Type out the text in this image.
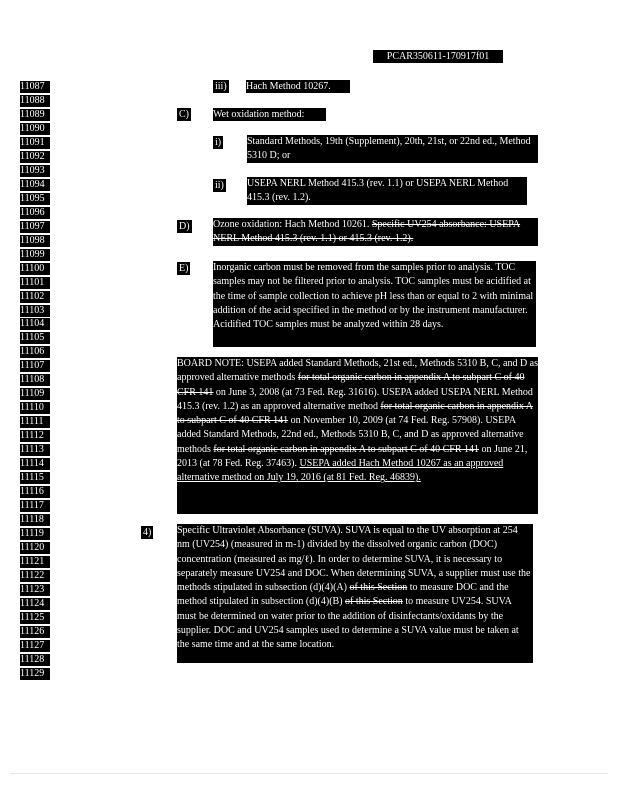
PCAR350611-170917f01
11087
11088
11089
11090
11091
11092
11093
11094
11095
11096
11097
11098
11099
11100
11101
11102
11103
11104
11105
11106
11107
11108
11109
11110
11111
11112
11113
11114
11115
11116
11117
11118
11119
11120
11121
11122
11123
11124
11125
11126
11127
11128
11129
iii) Hach Method 10267.
C) Wet oxidation method:
i)	Standard Methods, 19th (Supplement), 20th, 21st, or 22nd ed., Method 5310 D; or
ii) USEPA NERL Method 415.3 (rev. 1.1) or USEPA NERL Method 415.3 (rev. 1.2).
D) Ozone oxidation: Hach Method 10261. Specific UV254 absorbance: USEPA NERL Method 415.3 (rev. 1.1) or 415.3 (rev. 1.2).

E) Inorganic carbon must be removed from the samples prior to analysis. TOC samples may not be filtered prior to analysis. TOC samples must be acidified at the time of sample collection to achieve pH less than or equal to 2 with minimal addition of the acid specified in the method or by the instrument manufacturer. Acidified TOC samples must be analyzed within 28 days.

BOARD NOTE: USEPA added Standard Methods, 21st ed., Methods 5310 B, C, and D as approved alternative methods for total organic carbon in appendix A to subpart C of 40 CFR 141 on June 3, 2008 (at 73 Fed. Reg. 31616). USEPA added USEPA NERL Method 415.3 (rev. 1.2) as an approved alternative method for total organic carbon in appendix A to subpart C of 40 CFR 141 on November 10, 2009 (at 74 Fed. Reg. 57908). USEPA added Standard Methods, 22nd ed., Methods 5310 B, C, and D as approved alternative methods for total organic carbon in appendix A to subpart C of 40 CFR 141 on June 21, 2013 (at 78 Fed. Reg. 37463). USEPA added Hach Method 10267 as an approved alternative method on July 19, 2016 (at 81 Fed. Reg. 46839).

4)	Specific Ultraviolet Absorbance (SUVA). SUVA is equal to the UV absorption at 254 nm (UV254) (measured in m-1) divided by the dissolved organic carbon (DOC) concentration (measured as mg/ℓ). In order to determine SUVA, it is necessary to separately measure UV254 and DOC. When determining SUVA, a supplier must use the methods stipulated in subsection (d)(4)(A) of this Section to measure DOC and the method stipulated in subsection (d)(4)(B) of this Section to measure UV254. SUVA must be determined on water prior to the addition of disinfectants/oxidants by the supplier. DOC and UV254 samples used to determine a SUVA value must be taken at the same time and at the same location.
